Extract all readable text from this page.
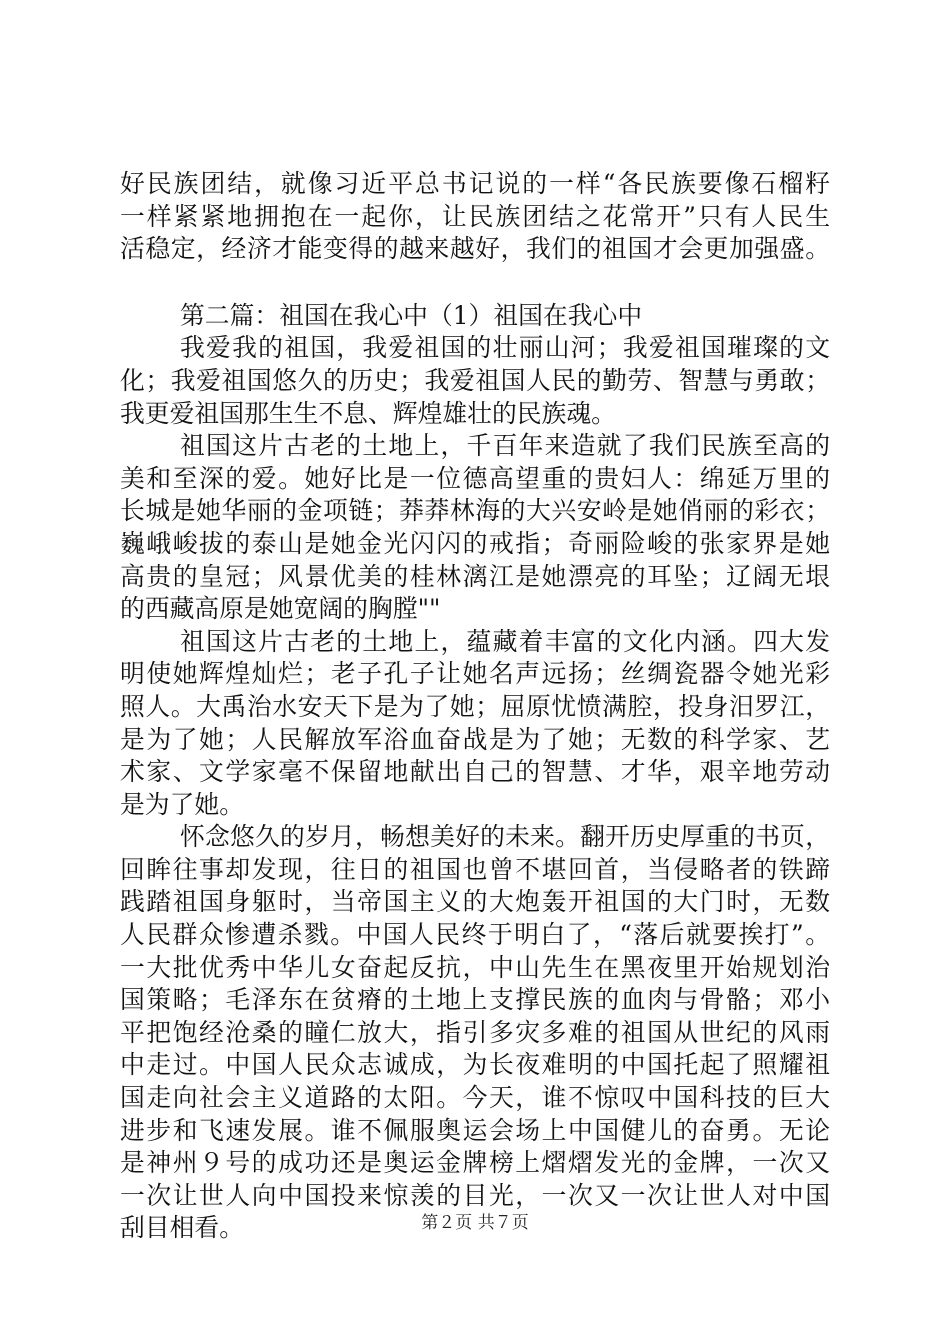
好民族团结，就像习近平总书记说的一样“各民族要像石榴籽
一样紧紧地拥抱在一起你，让民族团结之花常开”只有人民生
活稳定，经济才能变得的越来越好，我们的祖国才会更加强盛。
第二篇：祖国在我心中（1）祖国在我心中
我爱我的祖国，我爱祖国的壮丽山河；我爱祖国璀璨的文
化；我爱祖国悠久的历史；我爱祖国人民的勤劳、智慧与勇敢；
我更爱祖国那生生不息、辉煌雄壮的民族魂。
祖国这片古老的土地上，千百年来造就了我们民族至高的
美和至深的爱。她好比是一位德高望重的贵妇人：绵延万里的
长城是她华丽的金项链；莽莽林海的大兴安岭是她俏丽的彩衣；
巍峨峻拔的泰山是她金光闪闪的戒指；奇丽险峻的张家界是她
高贵的皇冠；风景优美的桂林漓江是她漂亮的耳坠；辽阔无垠
的西藏高原是她宽阔的胸膛""
祖国这片古老的土地上，蕴藏着丰富的文化内涵。四大发
明使她辉煌灿烂；老子孔子让她名声远扬；丝绸瓷器令她光彩
照人。大禹治水安天下是为了她；屈原忧愤满腔，投身汨罗江，
是为了她；人民解放军浴血奋战是为了她；无数的科学家、艺
术家、文学家毫不保留地献出自己的智慧、才华，艰辛地劳动
是为了她。
怀念悠久的岁月，畅想美好的未来。翻开历史厚重的书页，
回眸往事却发现，往日的祖国也曾不堪回首，当侵略者的铁蹄
践踏祖国身躯时，当帝国主义的大炮轰开祖国的大门时，无数
人民群众惨遭杀戮。中国人民终于明白了，“落后就要挨打”。
一大批优秀中华儿女奋起反抗，中山先生在黑夜里开始规划治
国策略；毛泽东在贫瘠的土地上支撑民族的血肉与骨骼；邓小
平把饱经沧桑的瞳仁放大，指引多灾多难的祖国从世纪的风雨
中走过。中国人民众志诚成，为长夜难明的中国托起了照耀祖
国走向社会主义道路的太阳。今天，谁不惊叹中国科技的巨大
进步和飞速发展。谁不佩服奥运会场上中国健儿的奋勇。无论
是神州９号的成功还是奥运金牌榜上熠熠发光的金牌，一次又
一次让世人向中国投来惊羡的目光，一次又一次让世人对中国
刮目相看。	第２页 共７页
